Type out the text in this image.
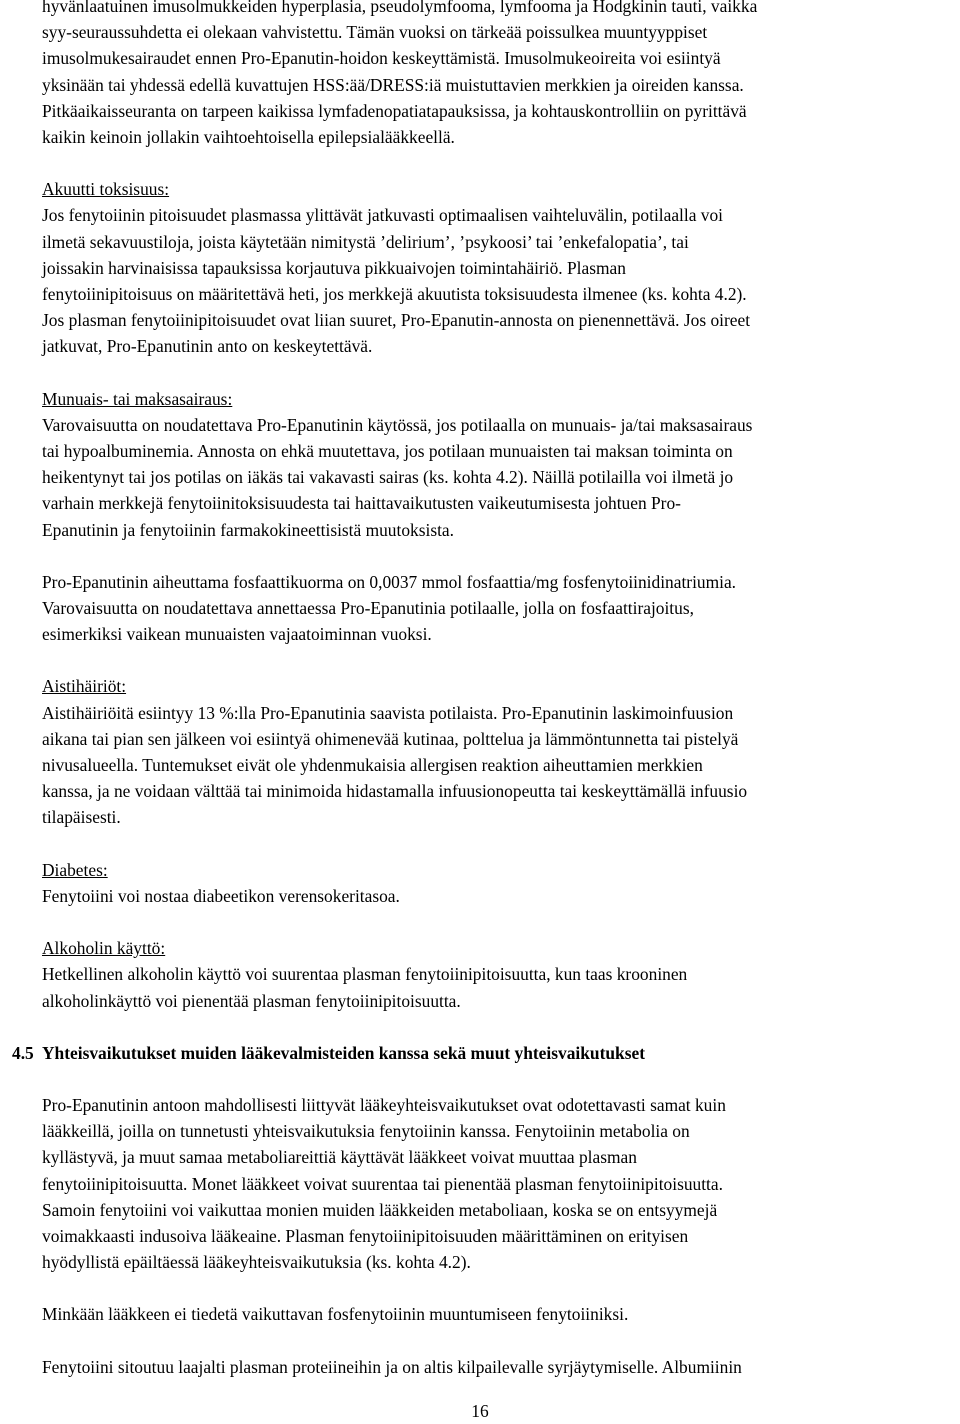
hyvänlaatuinen imusolmukkeiden hyperplasia, pseudolymfooma, lymfooma ja Hodgkinin tauti, vaikka

syy-seuraussuhdetta ei olekaan vahvistettu. Tämän vuoksi on tärkeää poissulkea muuntyyppiset

imusolmukesairaudet ennen Pro-Epanutin-hoidon keskeyttämistä. Imusolmukeoireita voi esiintyä

yksinään tai yhdessä edellä kuvattujen HSS:ää/DRESS:iä muistuttavien merkkien ja oireiden kanssa.

Pitkäaikaisseuranta on tarpeen kaikissa lymfadenopatiatapauksissa, ja kohtauskontrolliin on pyrittävä

kaikin keinoin jollakin vaihtoehtoisella epilepsialääkkeellä.

Akuutti toksisuus:

Jos fenytoiinin pitoisuudet plasmassa ylittävät jatkuvasti optimaalisen vaihteluvälin, potilaalla voi

ilmetä sekavuustiloja, joista käytetään nimitystä ’delirium’, ’psykoosi’ tai ’enkefalopatia’, tai

joissakin harvinaisissa tapauksissa korjautuva pikkuaivojen toimintahäiriö. Plasman

fenytoiinipitoisuus on määritettävä heti, jos merkkejä akuutista toksisuudesta ilmenee (ks. kohta 4.2).

Jos plasman fenytoiinipitoisuudet ovat liian suuret, Pro-Epanutin-annosta on pienennettävä. Jos oireet

jatkuvat, Pro-Epanutinin anto on keskeytettävä.

Munuais- tai maksasairaus:

Varovaisuutta on noudatettava Pro-Epanutinin käytössä, jos potilaalla on munuais- ja/tai maksasairaus

tai hypoalbuminemia. Annosta on ehkä muutettava, jos potilaan munuaisten tai maksan toiminta on

heikentynyt tai jos potilas on iäkäs tai vakavasti sairas (ks. kohta 4.2). Näillä potilailla voi ilmetä jo

varhain merkkejä fenytoiinitoksisuudesta tai haittavaikutusten vaikeutumisesta johtuen Pro-

Epanutinin ja fenytoiinin farmakokineettisistä muutoksista.

Pro-Epanutinin aiheuttama fosfaattikuorma on 0,0037 mmol fosfaattia/mg fosfenytoiinidinatriumia.

Varovaisuutta on noudatettava annettaessa Pro-Epanutinia potilaalle, jolla on fosfaattirajoitus,

esimerkiksi vaikean munuaisten vajaatoiminnan vuoksi.

Aistihäiriöt:

Aistihäiriöitä esiintyy 13 %:lla Pro-Epanutinia saavista potilaista. Pro-Epanutinin laskimoinfuusion

aikana tai pian sen jälkeen voi esiintyä ohimenevää kutinaa, polttelua ja lämmöntunnetta tai pistelyä

nivusalueella. Tuntemukset eivät ole yhdenmukaisia allergisen reaktion aiheuttamien merkkien

kanssa, ja ne voidaan välttää tai minimoida hidastamalla infuusionopeutta tai keskeyttämällä infuusio

tilapäisesti.

Diabetes:

Fenytoiini voi nostaa diabeetikon verensokeritasoa.

Alkoholin käyttö:

Hetkellinen alkoholin käyttö voi suurentaa plasman fenytoiinipitoisuutta, kun taas krooninen

alkoholinkäyttö voi pienentää plasman fenytoiinipitoisuutta.

4.5 Yhteisvaikutukset muiden lääkevalmisteiden kanssa sekä muut yhteisvaikutukset

Pro-Epanutinin antoon mahdollisesti liittyvät lääkeyhteisvaikutukset ovat odotettavasti samat kuin

lääkkeillä, joilla on tunnetusti yhteisvaikutuksia fenytoiinin kanssa. Fenytoiinin metabolia on

kyllästyvä, ja muut samaa metaboliareittiä käyttävät lääkkeet voivat muuttaa plasman

fenytoiinipitoisuutta. Monet lääkkeet voivat suurentaa tai pienentää plasman fenytoiinipitoisuutta.

Samoin fenytoiini voi vaikuttaa monien muiden lääkkeiden metaboliaan, koska se on entsyymejä

voimakkaasti indusoiva lääkeaine. Plasman fenytoiinipitoisuuden määrittäminen on erityisen

hyödyllistä epäiltäessä lääkeyhteisvaikutuksia (ks. kohta 4.2).

Minkään lääkkeen ei tiedetä vaikuttavan fosfenytoiinin muuntumiseen fenytoiiniksi.

Fenytoiini sitoutuu laajalti plasman proteiineihin ja on altis kilpailevalle syrjäytymiselle. Albumiinin

16
